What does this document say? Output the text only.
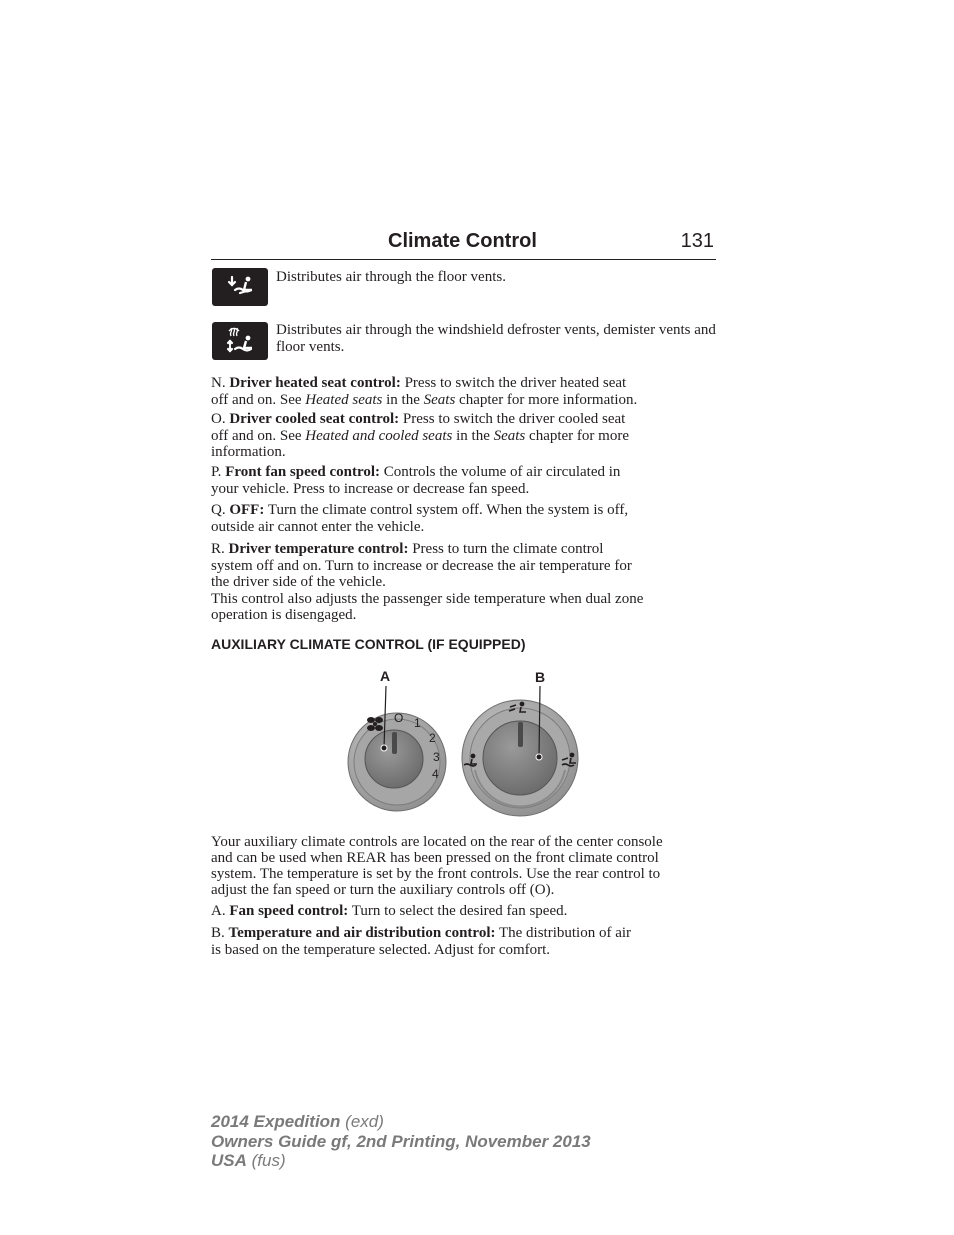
Climate Control	131
Distributes air through the floor vents.
Distributes air through the windshield defroster vents, demister vents and floor vents.
N. Driver heated seat control: Press to switch the driver heated seat
off and on. See Heated seats in the Seats chapter for more information.
O. Driver cooled seat control: Press to switch the driver cooled seat
off and on. See Heated and cooled seats in the Seats chapter for more
information.
P. Front fan speed control: Controls the volume of air circulated in
your vehicle. Press to increase or decrease fan speed.
Q. OFF: Turn the climate control system off. When the system is off,
outside air cannot enter the vehicle.
R. Driver temperature control: Press to turn the climate control
system off and on. Turn to increase or decrease the air temperature for
the driver side of the vehicle.
This control also adjusts the passenger side temperature when dual zone
operation is disengaged.
AUXILIARY CLIMATE CONTROL (IF EQUIPPED)
A	B
O 1
2
3
4
Your auxiliary climate controls are located on the rear of the center console
and can be used when REAR has been pressed on the front climate control
system. The temperature is set by the front controls. Use the rear control to
adjust the fan speed or turn the auxiliary controls off (O).
A. Fan speed control: Turn to select the desired fan speed.
B. Temperature and air distribution control: The distribution of air
is based on the temperature selected. Adjust for comfort.
2014 Expedition (exd)
Owners Guide gf, 2nd Printing, November 2013
USA (fus)
